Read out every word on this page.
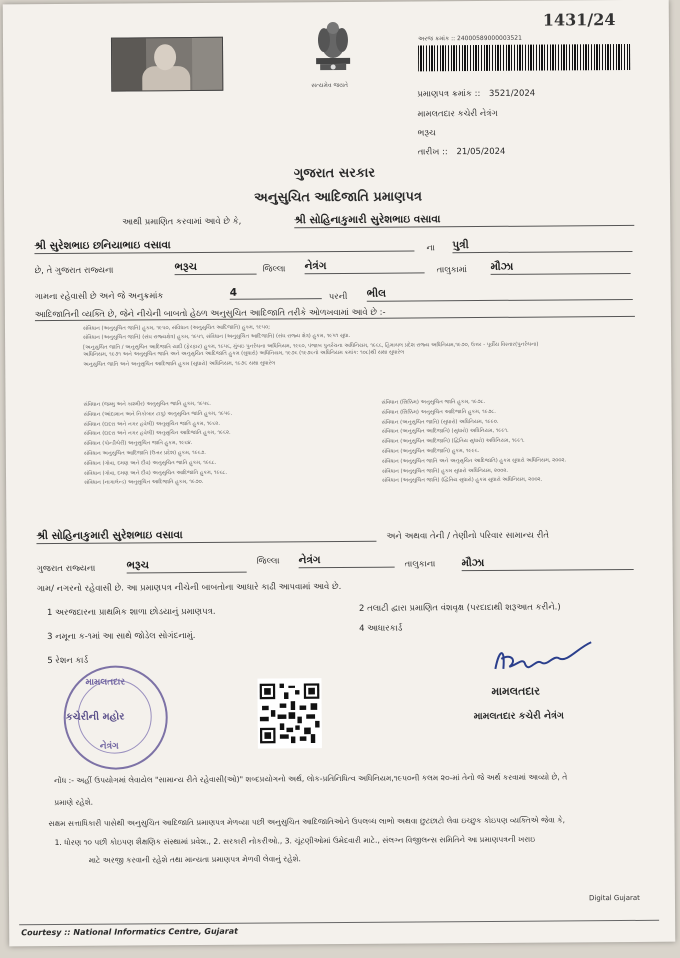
1431/24
સત્યમેવ જયતે
અરજ ક્રમાંક :: 24000589000003521
પ્રમાણપત્ર ક્રમાંક :: 3521/2024
મામલતદાર કચેરી નેત્રંગ
ભરૂચ
તારીખ :: 21/05/2024
ગુજરાત સરકાર
અનુસુચિત આદિજાતિ પ્રમાણપત્ર
આથી પ્રમાણિત કરવામાં આવે છે કે,	શ્રી સોહિનાકુમારી સુરેશભાઇ વસાવા
શ્રી સુરેશભાઇ છનિયાભાઇ વસાવા	ના પુત્રી
છે, તે ગુજરાત રાજ્યના	ભરૂચ	જિલ્લા નેત્રંગ	તાલુકામાં મૌઝા
ગામના રહેવાસી છે અને જે અનુક્રમાંક	4	પરની ભીલ
આદિજાતિની વ્યક્તિ છે, જેને નીચેની બાબતો હેઠળ અનુસુચિત આદિજાતિ તરીકે ઓળખવામાં આવે છે :-
સંવિધાન (અનુસુચિત જાતિ) હુકમ, ૧૯૫૦, સંવિધાન (અનુસુચિત આદિજાતિ) હુકમ, ૧૯૫૦;
સંવિધાન (અનુસુચિત જાતિ) (સંઘ રાજ્યક્ષેત્ર) હુકમ, ૧૯૫૧, સંવિધાન (અનુસુચિત આદિજાતિ) (સંઘ રાજ્ય ક્ષેત્ર) હુકમ, ૧૯૫૧ સુધા.
[અનુસુચિત જાતિ / અનુસુચિત આદિજાતિ યાદી (ફેરફાર) હુકમ, ૧૯૫૬, મુંબઇ પુનર્રચના અધિનિયમ, ૧૯૬૦, પંજાબ પુનર્રચના અધિનિયમ, ૧૯૬૬, હિમાચલ પ્રદેશ રાજ્ય અધિનિયમ,૧૯૭૦, ઉત્તર - પૂર્વીય વિસ્તાર(પુનર્રચના)
અધિનિયમ, ૧૯૭૧ અને અનુસુચિત જાતિ અને અનુસુચિત આદિજાતિ હુકમ (સુધારો) અધિનિયમ, ૧૯૭૬ (૧૯૭૬નો અધિનિયમ ક્રમાંક: ૧૦૮)થી યથા સુધારેલ
અનુસુચિત જાતિ અને અનુસુચિત આદિજાતિ હુકમ (સુધારો) અધિનિયમ, ૧૯૭૬ યથા સુધારેલ
સંવિધાન (જમ્મુ અને કાશ્મીર) અનુસુચિત જાતિ હુકમ, ૧૯૫૬.
સંવિધાન (આંદામાન અને નિકોબાર ટાપુ) અનુસુચિત જાતિ હુકમ, ૧૯૫૯.
સંવિધાન (દાદરા અને નગર હવેલી) અનુસુચિત જાતિ હુકમ, ૧૯૬૨.
સંવિધાન (દાદરા અને નગર હવેલી) અનુસુચિત આદિજાતિ હુકમ, ૧૯૬૨.
સંવિધાન (પોન્ડીચેરી) અનુસુચિત જાતિ હુકમ, ૧૯૬૪.
સંવિધાન અનુસુચિત આદિજાતિ (ઉત્તર પ્રદેશ) હુકમ, ૧૯૬૭.
સંવિધાન (ગોવા, દમણ અને દીવ) અનુસુચિત જાતિ હુકમ, ૧૯૬૮.
સંવિધાન (ગોવા, દમણ અને દીવ) અનુસુચિત આદિજાતિ હુકમ, ૧૯૬૮.
સંવિધાન (નાગાલેન્ડ) અનુસુચિત આદિજાતિ હુકમ, ૧૯૭૦.
સંવિધાન (સિક્કિમ) અનુસુચિત જાતિ હુકમ, ૧૯૭૮.
સંવિધાન (સિક્કિમ) અનુસુચિત આદિજાતિ હુકમ, ૧૯૭૮.
સંવિધાન (અનુસુચિત જાતિ) (સુધારો) અધિનિયમ, ૧૯૯૦.
સંવિધાન (અનુસુચિત આદિજાતિ) (સુધારો) અધિનિયમ, ૧૯૯૧.
સંવિધાન (અનુસુચિત આદિજાતિ) (દ્વિતિય સુધારો) અધિનિયમ, ૧૯૯૧.
સંવિધાન (અનુસુચિત આદિજાતિ) હુકમ, ૧૯૯૬.
સંવિધાન (અનુસુચિત જાતિ અને અનુસુચિત આદિજાતિ) હુકમ સુધારો અધિનિયમ, ૨૦૦૨.
સંવિધાન (અનુસુચિત જાતિ) હુકમ સુધારો અધિનિયમ, ૨૦૦૨.
સંવિધાન (અનુસુચિત જાતિ) (દ્વિતિય સુધારો) હુકમ સુધારો અધિનિયમ, ૨૦૦૨.
શ્રી સોહિનાકુમારી સુરેશભાઇ વસાવા	અને અથવા તેની / તેણીનો પરિવાર સામાન્ય રીતે
ગુજરાત રાજ્યના	ભરૂચ	જિલ્લા નેત્રંગ	તાલુકાના	મૌઝા
ગામ/ નગરનો રહેવાસી છે. આ પ્રમાણપત્ર નીચેની બાબતોના આધારે કાઢી આપવામાં આવે છે.
1 અરજદારના પ્રાથમિક શાળા છોડયાનું પ્રમાણપત્ર.	2 તલાટી દ્વારા પ્રમાણિત વંશવૃક્ષ (પરદાદાથી શરૂઆત કરીને.)
3 નમૂના ક-૧માં આ સાથે જોડેલ સોગંદનામું.
4 આધારકાર્ડ
5 રેશન કાર્ડ
મામલતદાર
કચેરીની મહોર
નેત્રંગ
મામલતદાર
મામલતદાર કચેરી નેત્રંગ
નોંધ :- અહીં ઉપયોગમાં લેવાયેલ "સામાન્ય રીતે રહેવાસી(ઓ)" શબ્દપ્રયોગનો અર્થ, લોક-પ્રતિનિધિત્વ અધિનિયમ,૧૯૫૦ની કલમ ૨૦-માં તેનો જે અર્થ કરવામાં આવ્યો છે, તે
પ્રમાણે રહેશે.
સક્ષમ સત્તાધિકારી પાસેથી અનુસુચિત આદિજાતિ પ્રમાણપત્ર મેળવ્યા પછી અનુસુચિત આદિજાતિઓને ઉપલબ્ધ લાભો અથવા છુટછાટો લેવા ઇચ્છુક કોઇપણ વ્યક્તિએ જેવા કે,
1. ધોરણ ૧૦ પછી કોઇપણ શૈક્ષણિક સંસ્થામાં પ્રવેશ., 2. સરકારી નોકરીઓ., 3. ચૂંટણીઓમાં ઉમેદવારી માટે., સંલગ્ન વિજીલન્સ સમિતિને આ પ્રમાણપત્રની ખરાઇ
માટે અરજી કરવાની રહેશે તથા માન્યતા પ્રમાણપત્ર મેળવી લેવાનું રહેશે.
Digital Gujarat
Courtesy :: National Informatics Centre, Gujarat
